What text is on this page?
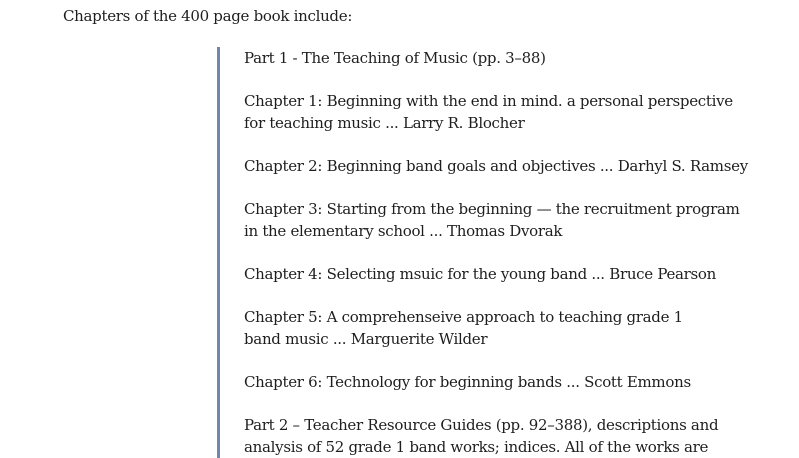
Chapters of the 400 page book include:

Part 1 - The Teaching of Music (pp. 3–88)

Chapter 1: Beginning with the end in mind. a personal perspective
for teaching music ... Larry R. Blocher

Chapter 2: Beginning band goals and objectives ... Darhyl S. Ramsey

Chapter 3: Starting from the beginning — the recruitment program
in the elementary school ... Thomas Dvorak

Chapter 4: Selecting msuic for the young band ... Bruce Pearson

Chapter 5: A comprehenseive approach to teaching grade 1
band music ... Marguerite Wilder

Chapter 6: Technology for beginning bands ... Scott Emmons

Part 2 – Teacher Resource Guides (pp. 92–388), descriptions and
analysis of 52 grade 1 band works; indices. All of the works are
